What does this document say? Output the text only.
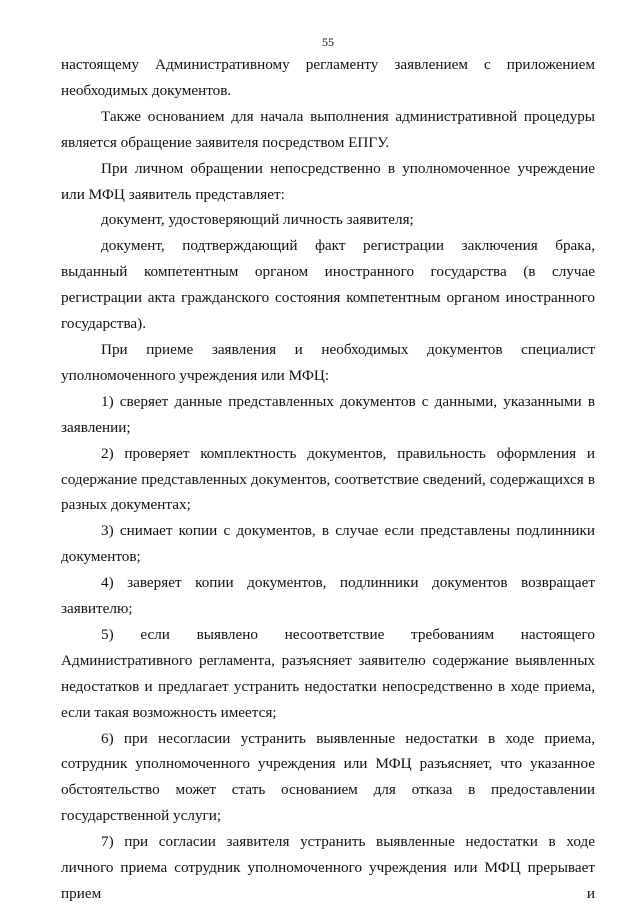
55

настоящему Административному регламенту заявлением с приложением необходимых документов.

Также основанием для начала выполнения административной процедуры является обращение заявителя посредством ЕПГУ.

При личном обращении непосредственно в уполномоченное учреждение или МФЦ заявитель представляет:

документ, удостоверяющий личность заявителя;

документ, подтверждающий факт регистрации заключения брака, выданный компетентным органом иностранного государства (в случае регистрации акта гражданского состояния компетентным органом иностранного государства).

При приеме заявления и необходимых документов специалист уполномоченного учреждения или МФЦ:

1) сверяет данные представленных документов с данными, указанными в заявлении;

2) проверяет комплектность документов, правильность оформления и содержание представленных документов, соответствие сведений, содержащихся в разных документах;

3) снимает копии с документов, в случае если представлены подлинники документов;

4) заверяет копии документов, подлинники документов возвращает заявителю;

5) если выявлено несоответствие требованиям настоящего Административного регламента, разъясняет заявителю содержание выявленных недостатков и предлагает устранить недостатки непосредственно в ходе приема, если такая возможность имеется;

6) при несогласии устранить выявленные недостатки в ходе приема, сотрудник уполномоченного учреждения или МФЦ разъясняет, что указанное обстоятельство может стать основанием для отказа в предоставлении государственной услуги;

7) при согласии заявителя устранить выявленные недостатки в ходе личного приема сотрудник уполномоченного учреждения или МФЦ прерывает прием и
